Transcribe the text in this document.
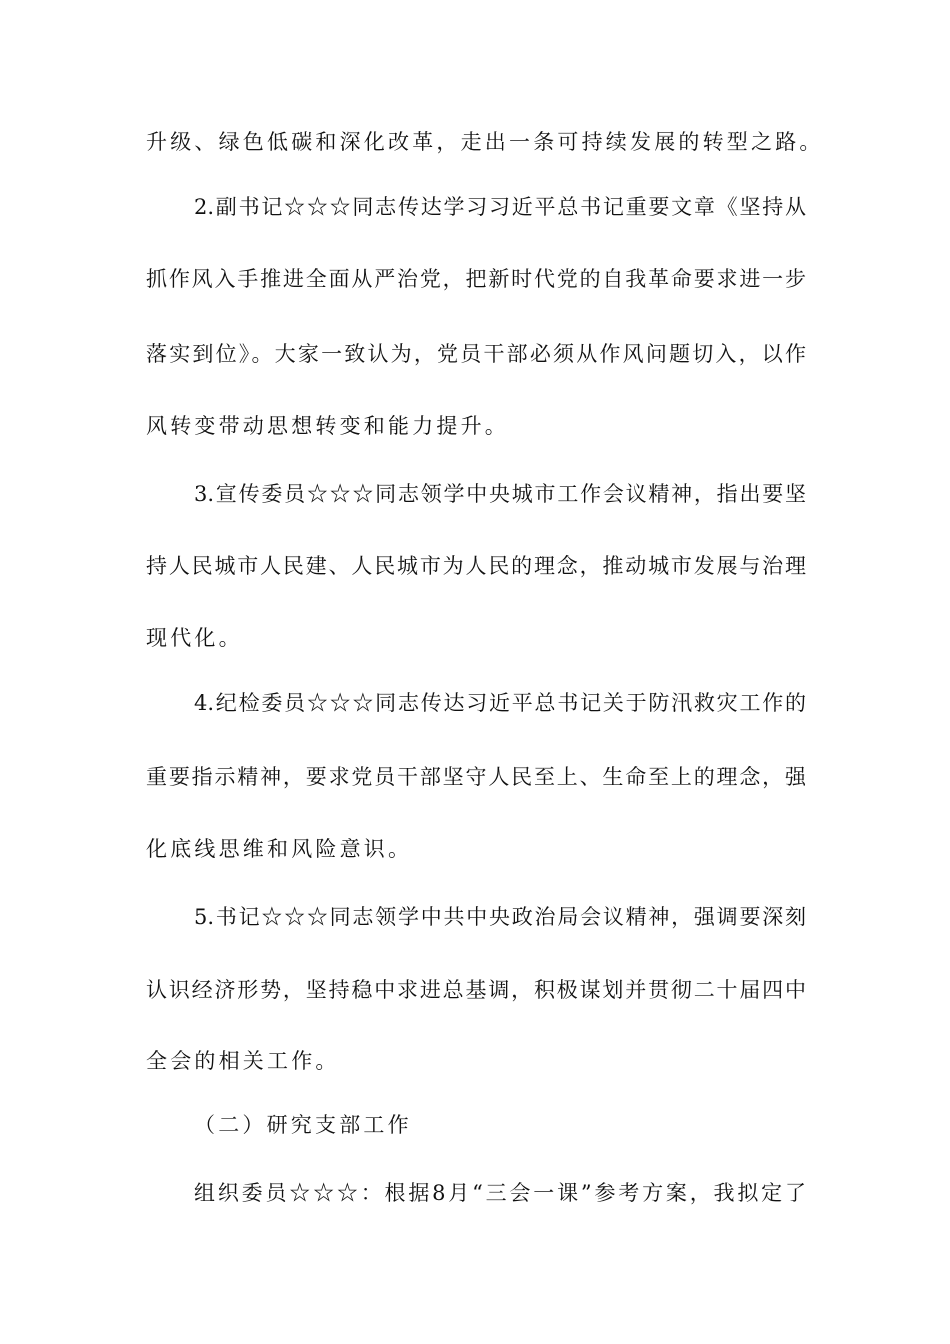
升级、绿色低碳和深化改革，走出一条可持续发展的转型之路。
2.副书记☆☆☆同志传达学习习近平总书记重要文章《坚持从
抓作风入手推进全面从严治党，把新时代党的自我革命要求进一步
落实到位》。大家一致认为，党员干部必须从作风问题切入，以作
风转变带动思想转变和能力提升。
3.宣传委员☆☆☆同志领学中央城市工作会议精神，指出要坚
持人民城市人民建、人民城市为人民的理念，推动城市发展与治理
现代化。
4.纪检委员☆☆☆同志传达习近平总书记关于防汛救灾工作的
重要指示精神，要求党员干部坚守人民至上、生命至上的理念，强
化底线思维和风险意识。
5.书记☆☆☆同志领学中共中央政治局会议精神，强调要深刻
认识经济形势，坚持稳中求进总基调，积极谋划并贯彻二十届四中
全会的相关工作。
（二）研究支部工作
组织委员☆☆☆：根据8月“三会一课”参考方案，我拟定了
